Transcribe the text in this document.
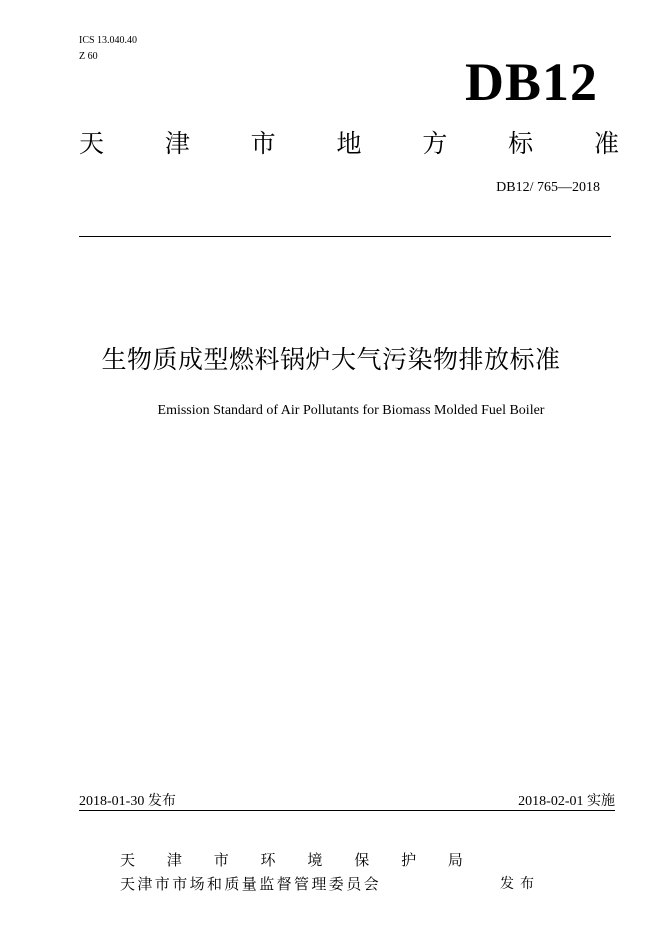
ICS 13.040.40
Z 60	DB12
天 津 市 地 方 标 准
DB12/ 765—2018
生物质成型燃料锅炉大气污染物排放标准
Emission Standard of Air Pollutants for Biomass Molded Fuel Boiler
2018-01-30 发布	2018-02-01 实施
天 津 市 环 境 保 护 局
天津市市场和质量监督管理委员会	发布
